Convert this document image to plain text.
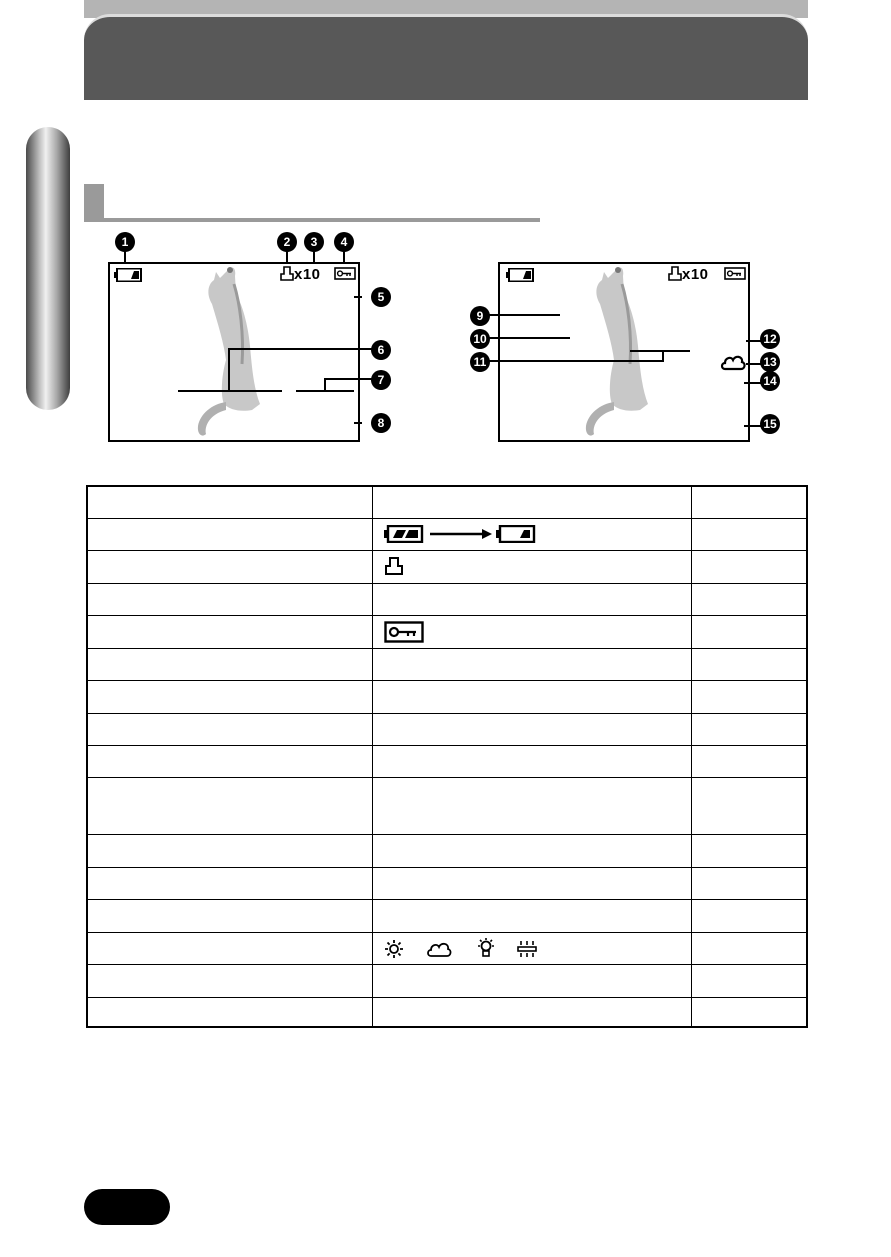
1	2	3	4
5
6
7
8
x10
9
10
11
12
13
14
15
x10
